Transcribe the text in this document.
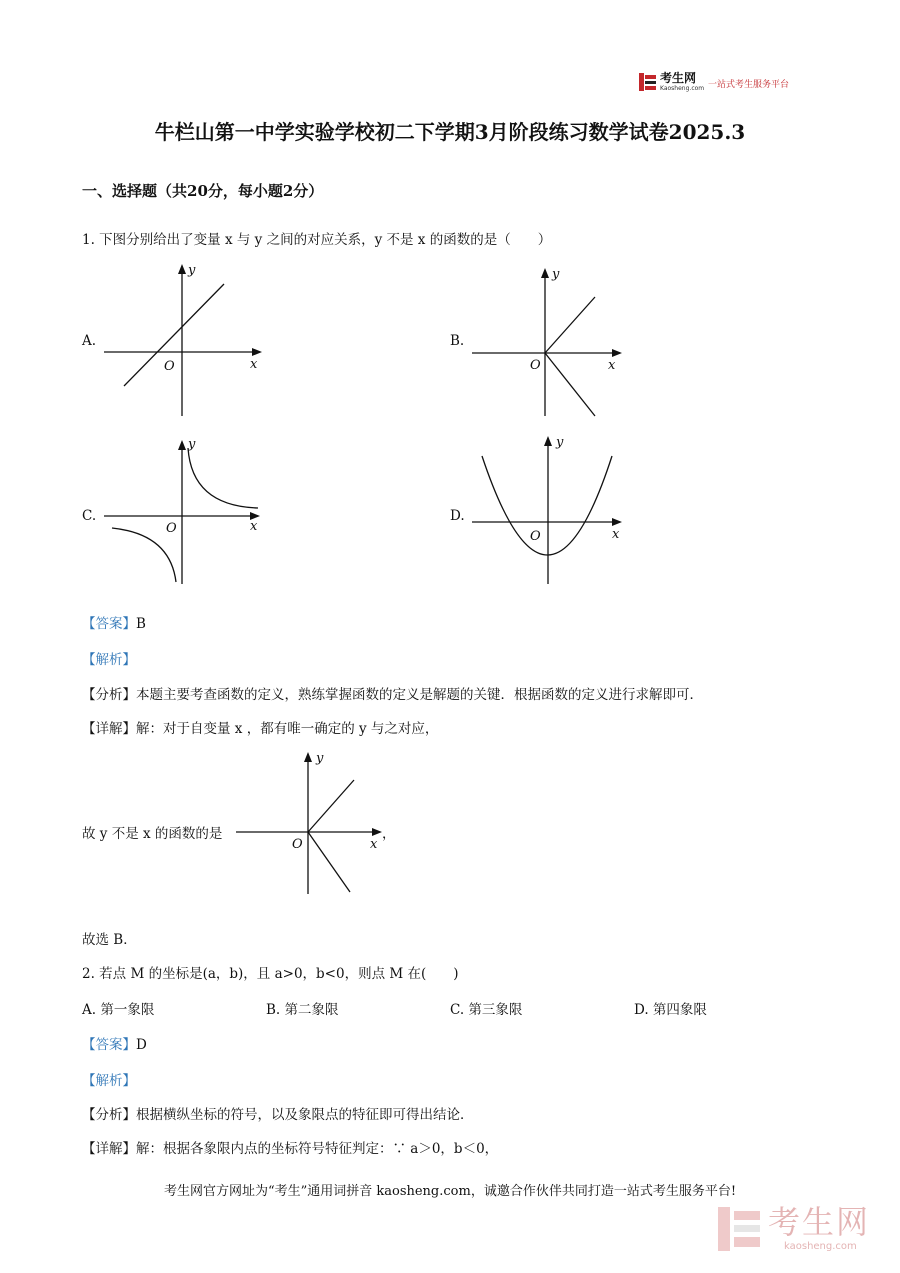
考生网
Kaosheng.com 一站式考生服务平台
牛栏山第一中学实验学校初二下学期3月阶段练习数学试卷2025.3
一、选择题（共20分，每小题2分）
1. 下图分别给出了变量 x 与 y 之间的对应关系，y 不是 x 的函数的是（　　）
A.	B.
C.	D.
y
x
O
y
x
O
y
x
O
y
x
O
【答案】B
【解析】
【分析】本题主要考查函数的定义，熟练掌握函数的定义是解题的关键．根据函数的定义进行求解即可．
【详解】解：对于自变量 x ，都有唯一确定的 y 与之对应，
故 y 不是 x 的函数的是
y
x
O
，
故选 B．
2. 若点 M 的坐标是(a，b)，且 a>0，b<0，则点 M 在(　　)
A. 第一象限	B. 第二象限	C. 第三象限	D. 第四象限
【答案】D
【解析】
【分析】根据横纵坐标的符号，以及象限点的特征即可得出结论．
【详解】解：根据各象限内点的坐标符号特征判定：∵ a＞0，b＜0，
考生网官方网址为“考生”通用词拼音 kaosheng.com，诚邀合作伙伴共同打造一站式考生服务平台!
考生网
kaosheng.com
